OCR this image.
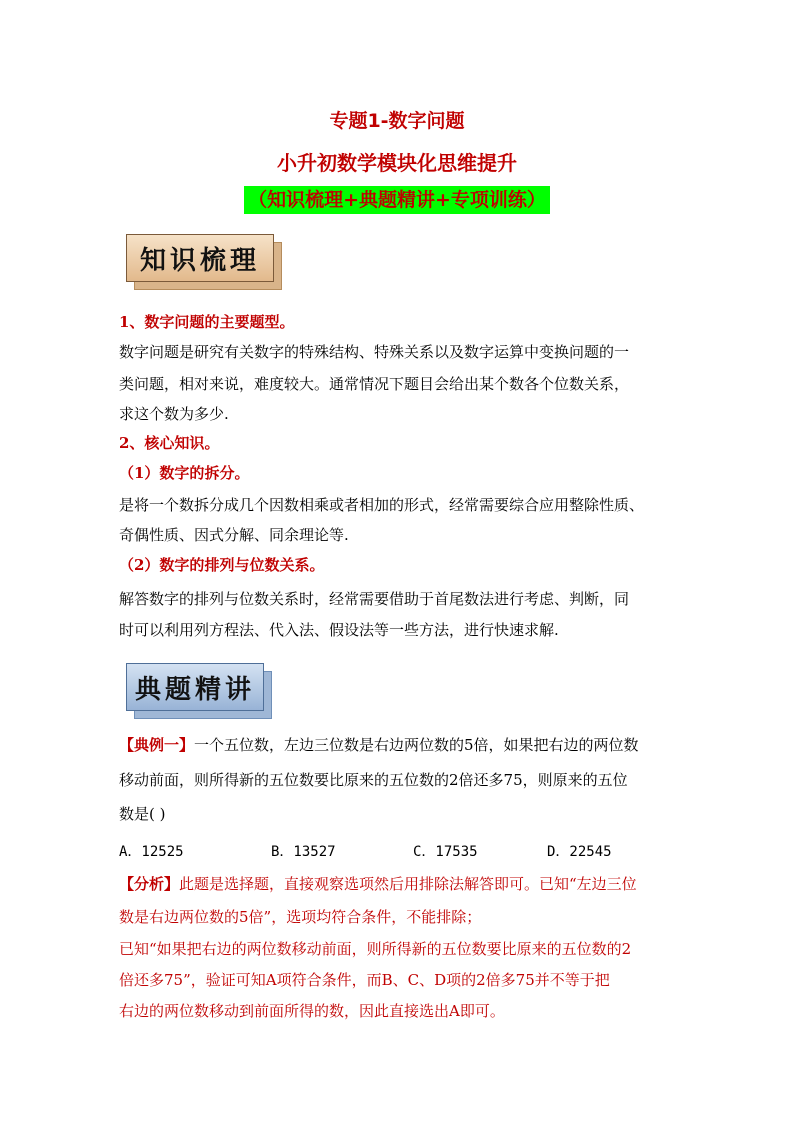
专题1-数字问题
小升初数学模块化思维提升
（知识梳理+典题精讲+专项训练）
知识梳理
1、数字问题的主要题型。
数字问题是研究有关数字的特殊结构、特殊关系以及数字运算中变换问题的一
类问题，相对来说，难度较大。通常情况下题目会给出某个数各个位数关系，
求这个数为多少.
2、核心知识。
（1）数字的拆分。
是将一个数拆分成几个因数相乘或者相加的形式，经常需要综合应用整除性质、
奇偶性质、因式分解、同余理论等.
（2）数字的排列与位数关系。
解答数字的排列与位数关系时，经常需要借助于首尾数法进行考虑、判断，同
时可以利用列方程法、代入法、假设法等一些方法，进行快速求解.
典题精讲
【典例一】一个五位数，左边三位数是右边两位数的5倍，如果把右边的两位数
移动前面，则所得新的五位数要比原来的五位数的2倍还多75，则原来的五位
数是( )
A．12525	B．13527	C．17535	D．22545
【分析】此题是选择题，直接观察选项然后用排除法解答即可。已知“左边三位
数是右边两位数的5倍”，选项均符合条件，不能排除；
已知“如果把右边的两位数移动前面，则所得新的五位数要比原来的五位数的2
倍还多75”，验证可知A项符合条件，而B、C、D项的2倍多75并不等于把
右边的两位数移动到前面所得的数，因此直接选出A即可。
